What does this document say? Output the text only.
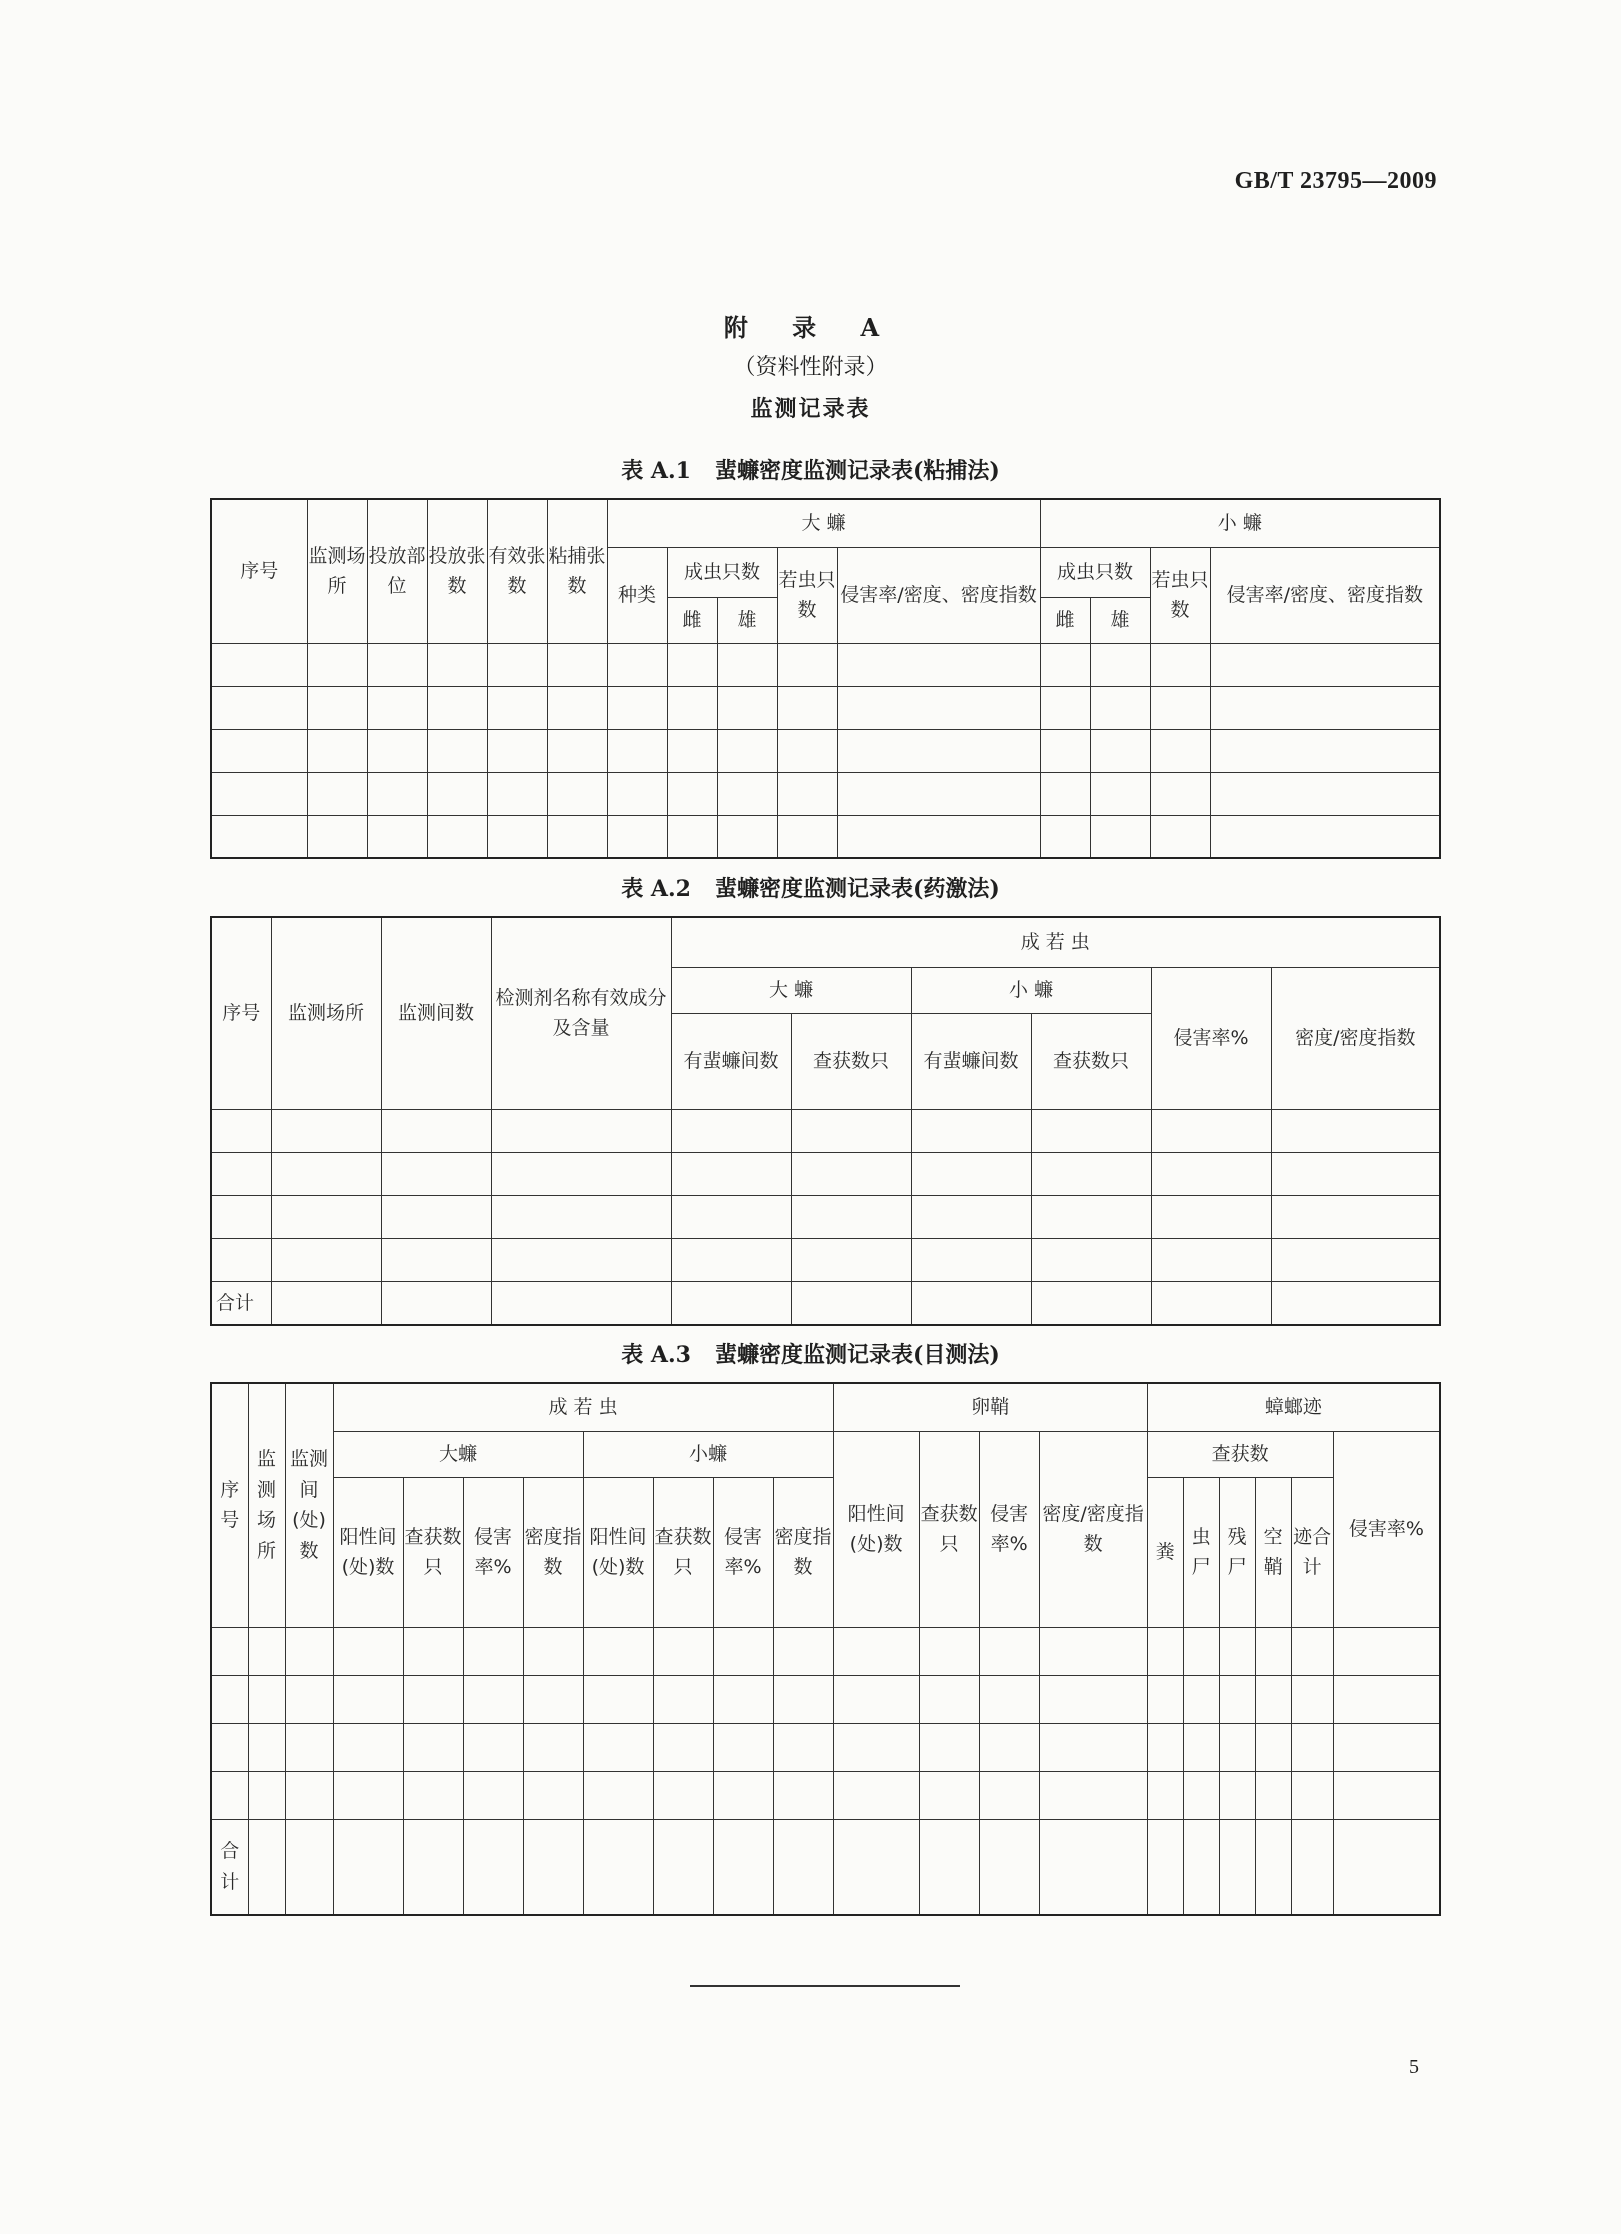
GB/T 23795—2009
附 录 A
（资料性附录）
监测记录表
表 A.1 蜚蠊密度监测记录表(粘捕法)
序号	监测场所	投放部位	投放张数	有效张数	粘捕张数	大 蠊					小 蠊			
						种类	成虫只数		若虫只数	侵害率/密度、密度指数	成虫只数		若虫只数	侵害率/密度、密度指数
							雌	雄			雌	雄		

表 A.2 蜚蠊密度监测记录表(药激法)
序号	监测场所	监测间数	检测剂名称有效成分及含量	成 若 虫					
				大 蠊		小 蠊		侵害率%	密度/密度指数
				有蜚蠊间数	查获数只	有蜚蠊间数	查获数只		

合计									
表 A.3 蜚蠊密度监测记录表(目测法)
序号	监测场所	监测间(处)数	成 若 虫								卵鞘				蟑螂迹					
			大蠊				小蠊				阳性间(处)数	查获数只	侵害率%	密度/密度指数	查获数					侵害率%
			阳性间(处)数	查获数只	侵害率%	密度指数	阳性间(处)数	查获数只	侵害率%	密度指数					粪	虫尸	残尸	空鞘	迹合计	

合计																				
5
